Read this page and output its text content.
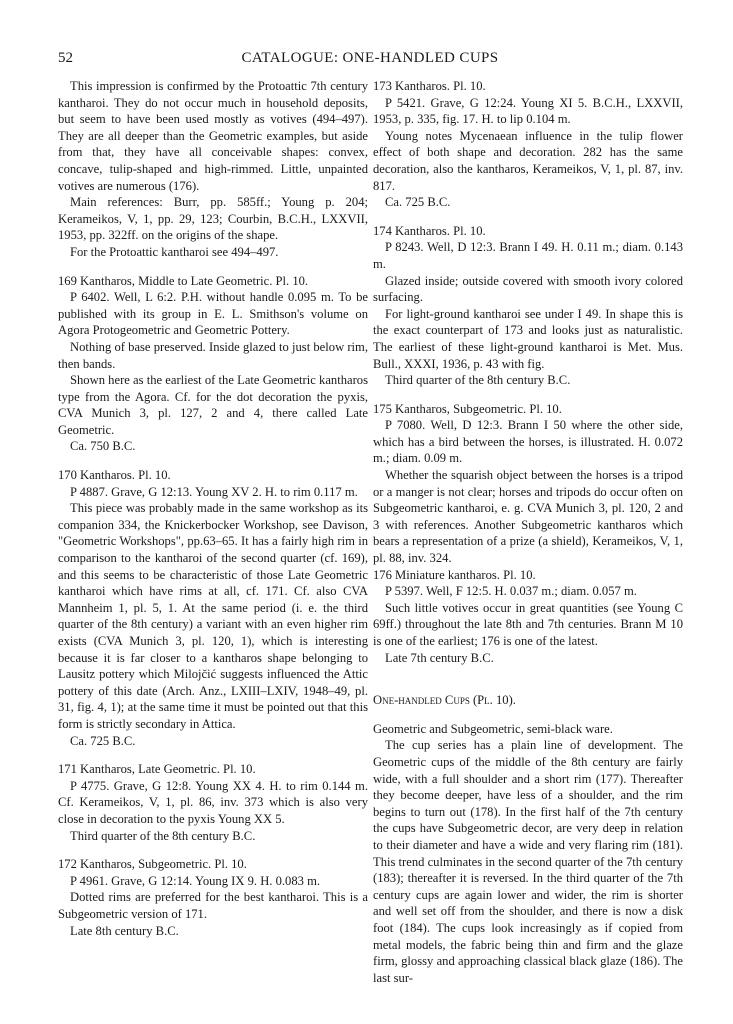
52	CATALOGUE: ONE-HANDLED CUPS

This impression is confirmed by the Protoattic 7th century kantharoi. They do not occur much in household deposits, but seem to have been used mostly as votives (494–497). They are all deeper than the Geometric examples, but aside from that, they have all conceivable shapes: convex, concave, tulip-shaped and high-rimmed. Little, unpainted votives are numerous (176).

Main references: Burr, pp. 585ff.; Young p. 204; Kerameikos, V, 1, pp. 29, 123; Courbin, B.C.H., LXXVII, 1953, pp. 322ff. on the origins of the shape.

For the Protoattic kantharoi see 494–497.

169 Kantharos, Middle to Late Geometric. Pl. 10.

P 6402. Well, L 6:2. P.H. without handle 0.095 m. To be published with its group in E. L. Smithson's volume on Agora Protogeometric and Geometric Pottery.

Nothing of base preserved. Inside glazed to just below rim, then bands.

Shown here as the earliest of the Late Geometric kantharos type from the Agora. Cf. for the dot decoration the pyxis, CVA Munich 3, pl. 127, 2 and 4, there called Late Geometric.

Ca. 750 B.C.

170 Kantharos. Pl. 10.

P 4887. Grave, G 12:13. Young XV 2. H. to rim 0.117 m.

This piece was probably made in the same workshop as its companion 334, the Knickerbocker Workshop, see Davison, "Geometric Workshops", pp.63–65. It has a fairly high rim in comparison to the kantharoi of the second quarter (cf. 169), and this seems to be characteristic of those Late Geometric kantharoi which have rims at all, cf. 171. Cf. also CVA Mannheim 1, pl. 5, 1. At the same period (i. e. the third quarter of the 8th century) a variant with an even higher rim exists (CVA Munich 3, pl. 120, 1), which is interesting because it is far closer to a kantharos shape belonging to Lausitz pottery which Milojčić suggests influenced the Attic pottery of this date (Arch. Anz., LXIII–LXIV, 1948–49, pl. 31, fig. 4, 1); at the same time it must be pointed out that this form is strictly secondary in Attica.

Ca. 725 B.C.

171 Kantharos, Late Geometric. Pl. 10.

P 4775. Grave, G 12:8. Young XX 4. H. to rim 0.144 m. Cf. Kerameikos, V, 1, pl. 86, inv. 373 which is also very close in decoration to the pyxis Young XX 5.

Third quarter of the 8th century B.C.

172 Kantharos, Subgeometric. Pl. 10.

P 4961. Grave, G 12:14. Young IX 9. H. 0.083 m.

Dotted rims are preferred for the best kantharoi. This is a Subgeometric version of 171.

Late 8th century B.C.

173 Kantharos. Pl. 10.

P 5421. Grave, G 12:24. Young XI 5. B.C.H., LXXVII, 1953, p. 335, fig. 17. H. to lip 0.104 m.

Young notes Mycenaean influence in the tulip flower effect of both shape and decoration. 282 has the same decoration, also the kantharos, Kerameikos, V, 1, pl. 87, inv. 817.

Ca. 725 B.C.

174 Kantharos. Pl. 10.

P 8243. Well, D 12:3. Brann I 49. H. 0.11 m.; diam. 0.143 m.

Glazed inside; outside covered with smooth ivory colored surfacing.

For light-ground kantharoi see under I 49. In shape this is the exact counterpart of 173 and looks just as naturalistic. The earliest of these light-ground kantharoi is Met. Mus. Bull., XXXI, 1936, p. 43 with fig.

Third quarter of the 8th century B.C.

175 Kantharos, Subgeometric. Pl. 10.

P 7080. Well, D 12:3. Brann I 50 where the other side, which has a bird between the horses, is illustrated. H. 0.072 m.; diam. 0.09 m.

Whether the squarish object between the horses is a tripod or a manger is not clear; horses and tripods do occur often on Subgeometric kantharoi, e. g. CVA Munich 3, pl. 120, 2 and 3 with references. Another Subgeometric kantharos which bears a representation of a prize (a shield), Kerameikos, V, 1, pl. 88, inv. 324.

176 Miniature kantharos. Pl. 10.

P 5397. Well, F 12:5. H. 0.037 m.; diam. 0.057 m.

Such little votives occur in great quantities (see Young C 69ff.) throughout the late 8th and 7th centuries. Brann M 10 is one of the earliest; 176 is one of the latest.

Late 7th century B.C.

One-handled Cups (Pl. 10).

Geometric and Subgeometric, semi-black ware.

The cup series has a plain line of development. The Geometric cups of the middle of the 8th century are fairly wide, with a full shoulder and a short rim (177). Thereafter they become deeper, have less of a shoulder, and the rim begins to turn out (178). In the first half of the 7th century the cups have Subgeometric decor, are very deep in relation to their diameter and have a wide and very flaring rim (181). This trend culminates in the second quarter of the 7th century (183); thereafter it is reversed. In the third quarter of the 7th century cups are again lower and wider, the rim is shorter and well set off from the shoulder, and there is now a disk foot (184). The cups look increasingly as if copied from metal models, the fabric being thin and firm and the glaze firm, glossy and approaching classical black glaze (186). The last sur-
